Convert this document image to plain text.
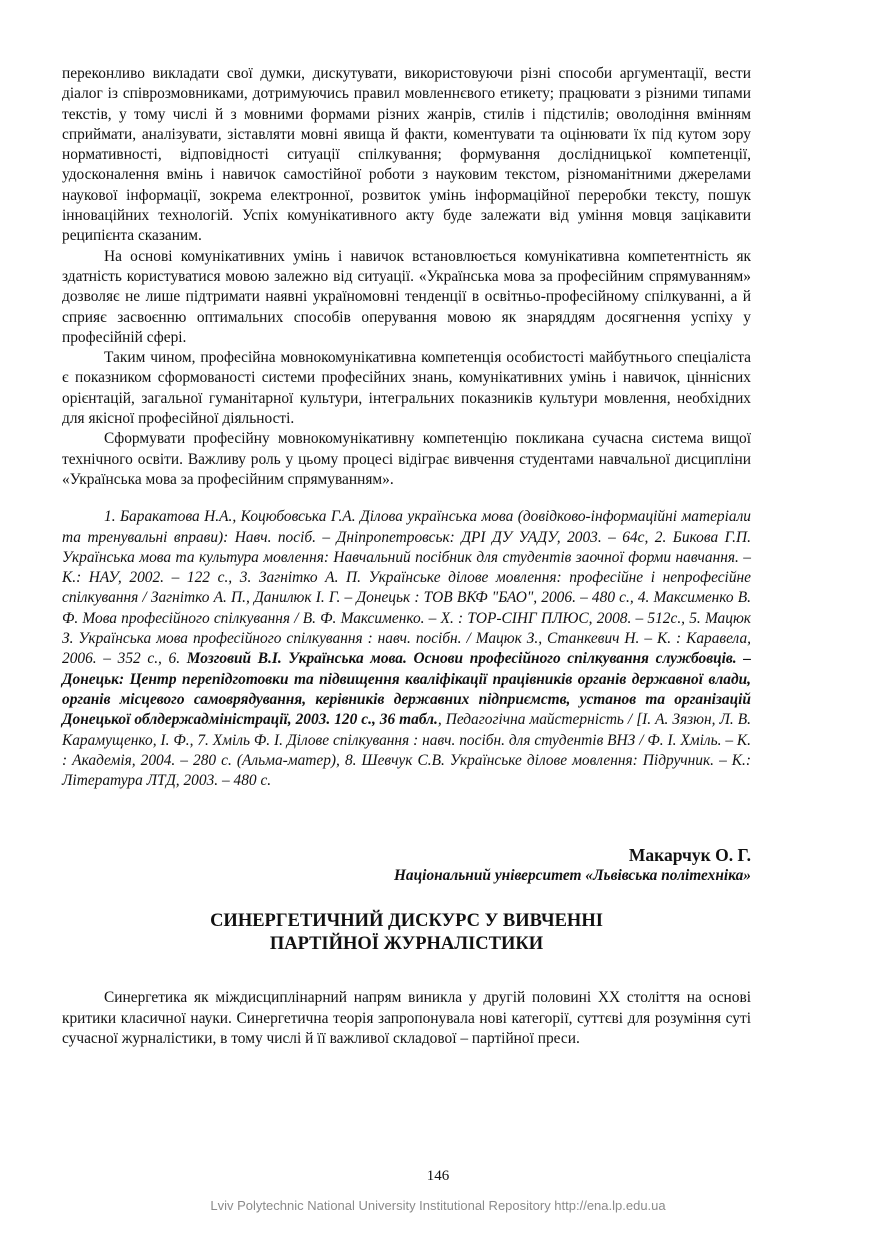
переконливо викладати свої думки, дискутувати, використовуючи різні способи аргументації, вести діалог із співрозмовниками, дотримуючись правил мовленнєвого етикету; працювати з різними типами текстів, у тому числі й з мовними формами різних жанрів, стилів і підстилів; оволодіння вмінням сприймати, аналізувати, зіставляти мовні явища й факти, коментувати та оцінювати їх під кутом зору нормативності, відповідності ситуації спілкування; формування дослідницької компетенції, удосконалення вмінь і навичок самостійної роботи з науковим текстом, різноманітними джерелами наукової інформації, зокрема електронної, розвиток умінь інформаційної переробки тексту, пошук інноваційних технологій. Успіх комунікативного акту буде залежати від уміння мовця зацікавити реципієнта сказаним.

На основі комунікативних умінь і навичок встановлюється комунікативна компетентність як здатність користуватися мовою залежно від ситуації. «Українська мова за професійним спрямуванням» дозволяє не лише підтримати наявні україномовні тенденції в освітньо-професійному спілкуванні, а й сприяє засвоєнню оптимальних способів оперування мовою як знаряддям досягнення успіху у професійній сфері.

Таким чином, професійна мовнокомунікативна компетенція особистості майбутнього спеціаліста є показником сформованості системи професійних знань, комунікативних умінь і навичок, ціннісних орієнтацій, загальної гуманітарної культури, інтегральних показників культури мовлення, необхідних для якісної професійної діяльності.

Сформувати професійну мовнокомунікативну компетенцію покликана сучасна система вищої технічного освіти. Важливу роль у цьому процесі відіграє вивчення студентами навчальної дисципліни «Українська мова за професійним спрямуванням».

1. Баракатова Н.А., Коцюбовська Г.А. Ділова українська мова (довідково-інформаційні матеріали та тренувальні вправи): Навч. посіб. – Дніпропетровськ: ДРІ ДУ УАДУ, 2003. – 64с, 2. Бикова Г.П. Українська мова та культура мовлення: Навчальний посібник для студентів заочної форми навчання. – К.: НАУ, 2002. – 122 с., 3. Загнітко А. П. Українське ділове мовлення: професійне і непрофесійне спілкування / Загнітко А. П., Данилюк І. Г. – Донецьк : ТОВ ВКФ "БАО", 2006. – 480 с., 4. Максименко В. Ф. Мова професійного спілкування / В. Ф. Максименко. – Х. : ТОР-СІНГ ПЛЮС, 2008. – 512с., 5. Мацюк З. Українська мова професійного спілкування : навч. посібн. / Мацюк З., Станкевич Н. – К. : Каравела, 2006. – 352 с., 6. Мозговий В.І. Українська мова. Основи професійного спілкування службовців. – Донецьк: Центр перепідготовки та підвищення кваліфікації працівників органів державної влади, органів місцевого самоврядування, керівників державних підприємств, установ та організацій Донецької облдержадміністрації, 2003. 120 с., 36 табл., Педагогічна майстерність / [І. А. Зязюн, Л. В. Карамущенко, І. Ф., 7. Хміль Ф. І. Ділове спілкування : навч. посібн. для студентів ВНЗ / Ф. І. Хміль. – К. : Академія, 2004. – 280 с. (Альма-матер), 8. Шевчук С.В. Українське ділове мовлення: Підручник. – К.: Література ЛТД, 2003. – 480 с.

Макарчук О. Г.
Національний університет «Львівська політехніка»
СИНЕРГЕТИЧНИЙ ДИСКУРС У ВИВЧЕННІ
ПАРТІЙНОЇ ЖУРНАЛІСТИКИ

Синергетика як міждисциплінарний напрям виникла у другій половині XX століття на основі критики класичної науки. Синергетична теорія запропонувала нові категорії, суттєві для розуміння суті сучасної журналістики, в тому числі й її важливої складової – партійної преси.

146
Lviv Polytechnic National University Institutional Repository http://ena.lp.edu.ua
